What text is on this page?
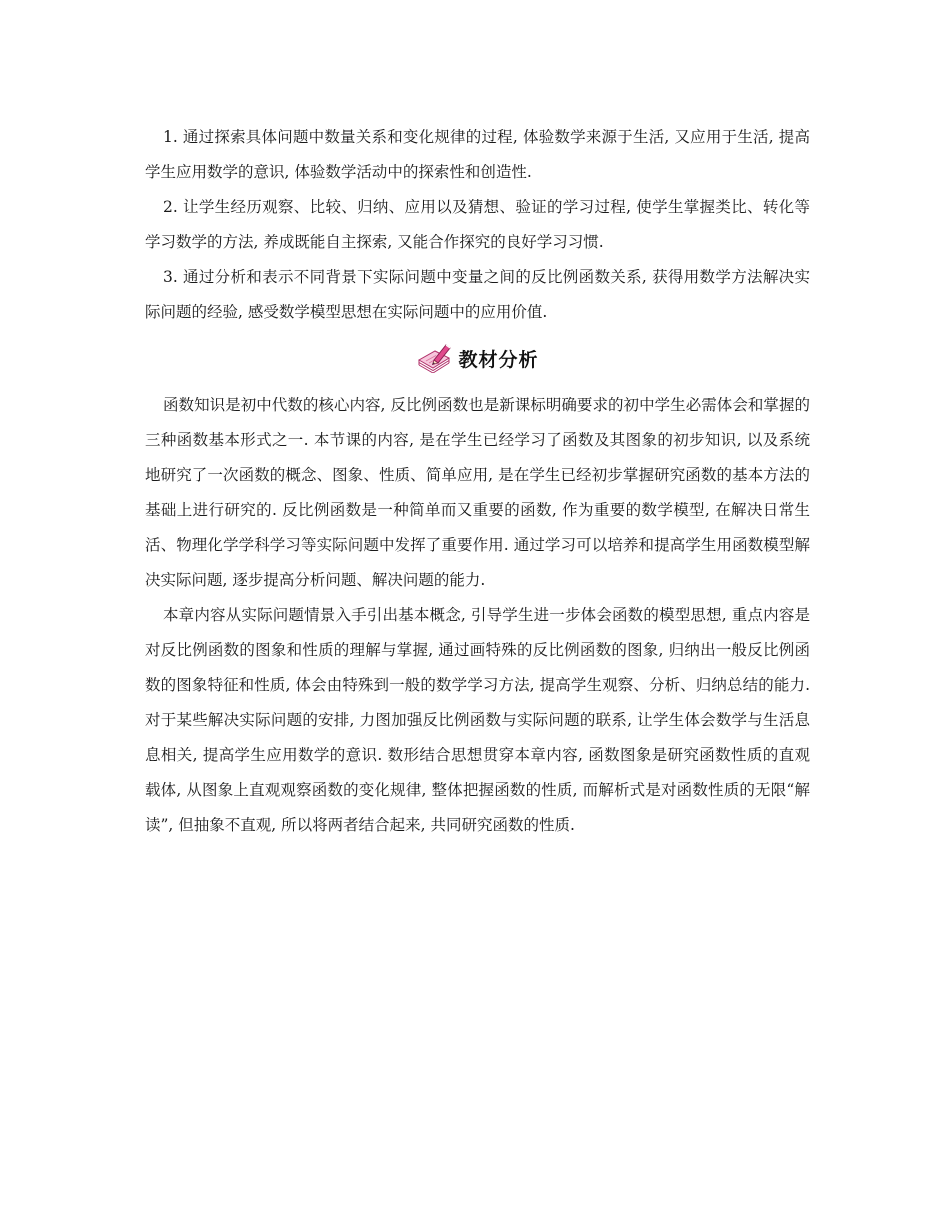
1. 通过探索具体问题中数量关系和变化规律的过程, 体验数学来源于生活, 又应用于生活, 提高学生应用数学的意识, 体验数学活动中的探索性和创造性.

2. 让学生经历观察、比较、归纳、应用以及猜想、验证的学习过程, 使学生掌握类比、转化等学习数学的方法, 养成既能自主探索, 又能合作探究的良好学习习惯.

3. 通过分析和表示不同背景下实际问题中变量之间的反比例函数关系, 获得用数学方法解决实际问题的经验, 感受数学模型思想在实际问题中的应用价值.

教材分析

函数知识是初中代数的核心内容, 反比例函数也是新课标明确要求的初中学生必需体会和掌握的三种函数基本形式之一. 本节课的内容, 是在学生已经学习了函数及其图象的初步知识, 以及系统地研究了一次函数的概念、图象、性质、简单应用, 是在学生已经初步掌握研究函数的基本方法的基础上进行研究的. 反比例函数是一种简单而又重要的函数, 作为重要的数学模型, 在解决日常生活、物理化学学科学习等实际问题中发挥了重要作用. 通过学习可以培养和提高学生用函数模型解决实际问题, 逐步提高分析问题、解决问题的能力.

本章内容从实际问题情景入手引出基本概念, 引导学生进一步体会函数的模型思想, 重点内容是对反比例函数的图象和性质的理解与掌握, 通过画特殊的反比例函数的图象, 归纳出一般反比例函数的图象特征和性质, 体会由特殊到一般的数学学习方法, 提高学生观察、分析、归纳总结的能力. 对于某些解决实际问题的安排, 力图加强反比例函数与实际问题的联系, 让学生体会数学与生活息息相关, 提高学生应用数学的意识. 数形结合思想贯穿本章内容, 函数图象是研究函数性质的直观载体, 从图象上直观观察函数的变化规律, 整体把握函数的性质, 而解析式是对函数性质的无限“解读”, 但抽象不直观, 所以将两者结合起来, 共同研究函数的性质.
